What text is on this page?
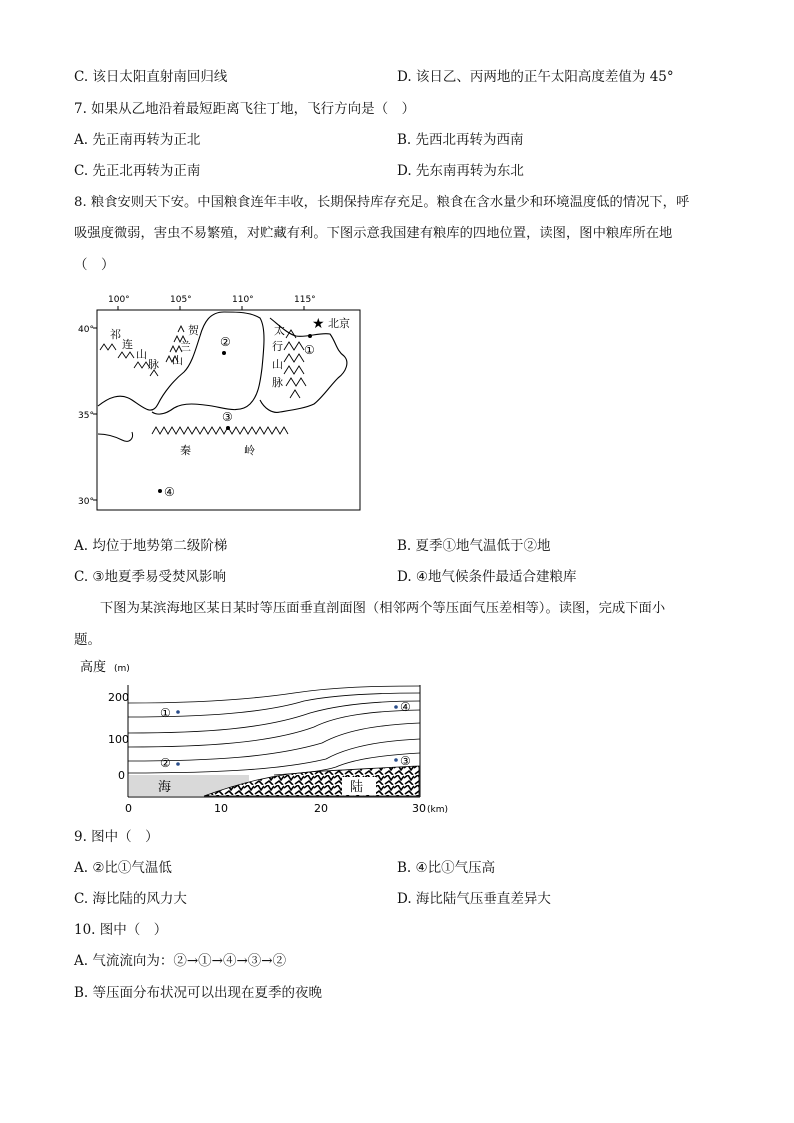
C. 该日太阳直射南回归线	D. 该日乙、丙两地的正午太阳高度差值为 45°
7. 如果从乙地沿着最短距离飞往丁地，飞行方向是（　）
A. 先正南再转为正北	B. 先西北再转为西南
C. 先正北再转为正南	D. 先东南再转为东北
8. 粮食安则天下安。中国粮食连年丰收，长期保持库存充足。粮食在含水量少和环境温度低的情况下，呼
吸强度微弱，害虫不易繁殖，对贮藏有利。下图示意我国建有粮库的四地位置，读图，图中粮库所在地
（　）
100°	105°	110°	115°
40°
35°
30°
祁
连
山
脉
贺
兰
山
太
行
山
脉
秦	岭
★ 北京
①
②
③
④
A. 均位于地势第二级阶梯	B. 夏季①地气温低于②地
C. ③地夏季易受焚风影响	D. ④地气候条件最适合建粮库
下图为某滨海地区某日某时等压面垂直剖面图（相邻两个等压面气压差相等）。读图，完成下面小
题。
高度 (m)
200
100
0
陆
海
①
②
④
③
0	10	20	30 (km)
9. 图中（　）
A. ②比①气温低	B. ④比①气压高
C. 海比陆的风力大	D. 海比陆气压垂直差异大
10. 图中（　）
A. 气流流向为：②→①→④→③→②
B. 等压面分布状况可以出现在夏季的夜晚
